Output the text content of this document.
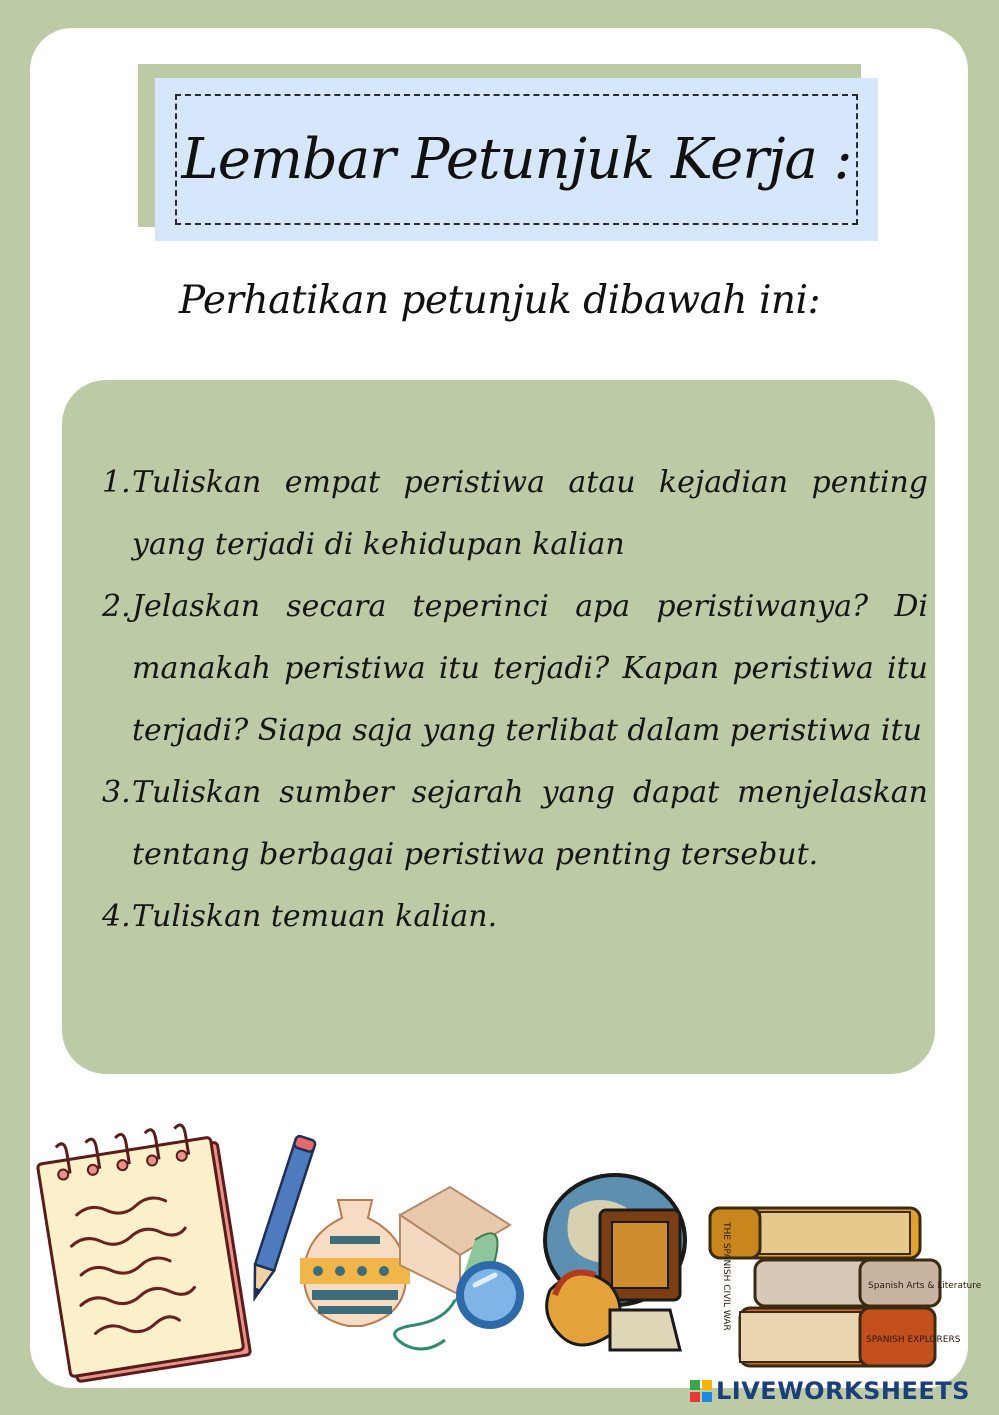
Lembar Petunjuk Kerja :
Perhatikan petunjuk dibawah ini:
1. Tuliskan empat peristiwa atau kejadian penting yang terjadi di kehidupan kalian
2. Jelaskan secara teperinci apa peristiwanya? Di manakah peristiwa itu terjadi? Kapan peristiwa itu terjadi? Siapa saja yang terlibat dalam peristiwa itu
3. Tuliskan sumber sejarah yang dapat menjelaskan tentang berbagai peristiwa penting tersebut.
4. Tuliskan temuan kalian.
THE SPANISH CIVIL WAR	Spanish Arts & Literature
SPANISH EXPLORERS
LIVEWORKSHEETS
